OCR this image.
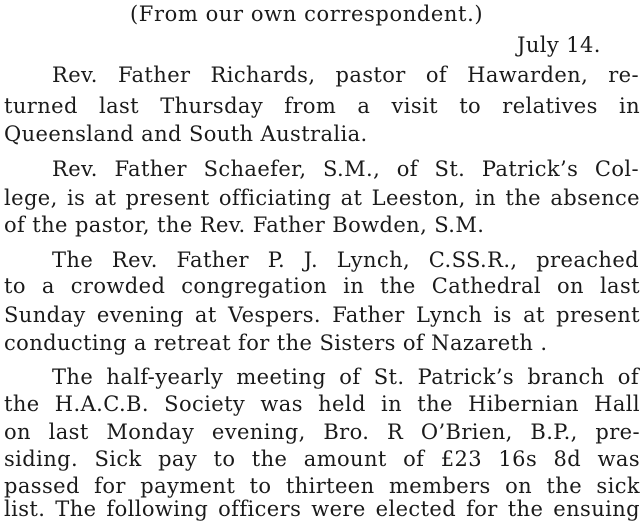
(From our own correspondent.)

July 14.

Rev. Father Richards, pastor of Hawarden, re-

turned last Thursday from a visit to relatives in

Queensland and South Australia.

Rev. Father Schaefer, S.M., of St. Patrick’s Col-

lege, is at present officiating at Leeston, in the absence

of the pastor, the Rev. Father Bowden, S.M.

The Rev. Father P. J. Lynch, C.SS.R., preached

to a crowded congregation in the Cathedral on last

Sunday evening at Vespers. Father Lynch is at present

conducting a retreat for the Sisters of Nazareth .

The half-yearly meeting of St. Patrick’s branch of

the H.A.C.B. Society was held in the Hibernian Hall

on last Monday evening, Bro. R O’Brien, B.P., pre-

siding. Sick pay to the amount of £23 16s 8d was

passed for payment to thirteen members on the sick

list. The following officers were elected for the ensuing
